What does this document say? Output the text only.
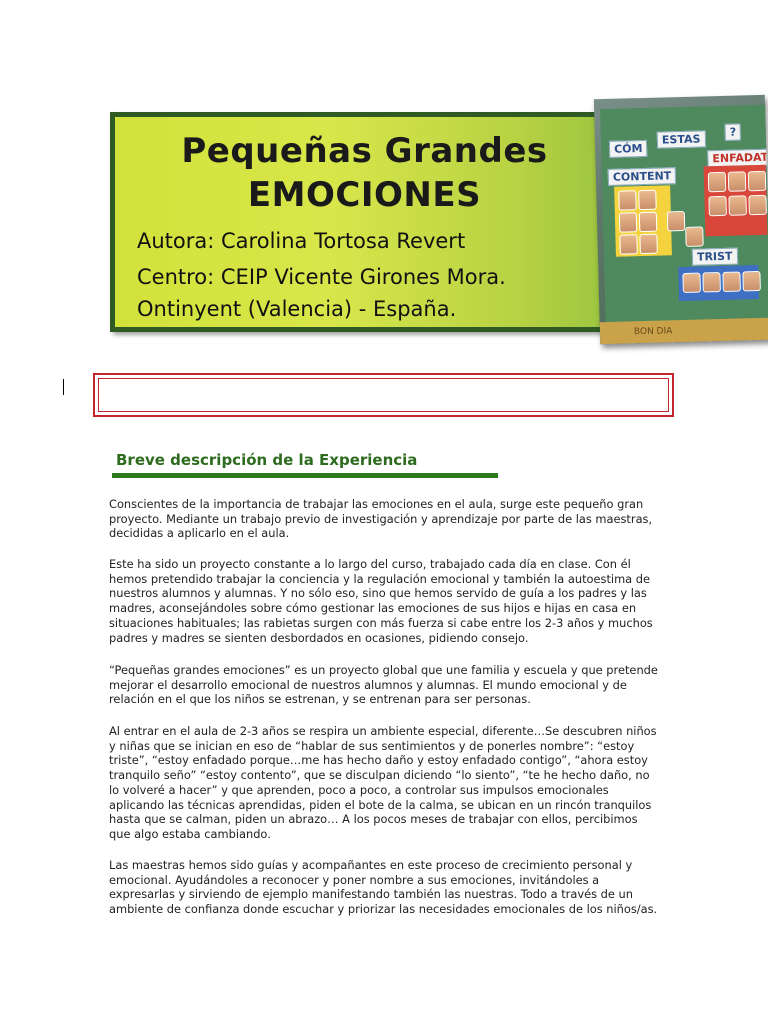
Pequeñas Grandes
EMOCIONES
Autora: Carolina Tortosa Revert
Centro: CEIP Vicente Girones Mora.
Ontinyent (Valencia) - España.
CÓM
ESTAS
?
CONTENT
ENFADAT
TRIST
BON DIA
Breve descripción de la Experiencia
Conscientes de la importancia de trabajar las emociones en el aula, surge este pequeño gran proyecto. Mediante un trabajo previo de investigación y aprendizaje por parte de las maestras, decididas a aplicarlo en el aula.
Este ha sido un proyecto constante a lo largo del curso, trabajado cada día en clase. Con él hemos pretendido trabajar la conciencia y la regulación emocional y también la autoestima de nuestros alumnos y alumnas. Y no sólo eso, sino que hemos servido de guía a los padres y las madres, aconsejándoles sobre cómo gestionar las emociones de sus hijos e hijas en casa en situaciones habituales; las rabietas surgen con más fuerza si cabe entre los 2-3 años y muchos padres y madres se sienten desbordados en ocasiones, pidiendo consejo.
“Pequeñas grandes emociones” es un proyecto global que une familia y escuela y que pretende mejorar el desarrollo emocional de nuestros alumnos y alumnas. El mundo emocional y de relación en el que los niños se estrenan, y se entrenan para ser personas.
Al entrar en el aula de 2-3 años se respira un ambiente especial, diferente…Se descubren niños y niñas que se inician en eso de “hablar de sus sentimientos y de ponerles nombre”: “estoy triste”, “estoy enfadado porque…me has hecho daño y estoy enfadado contigo”, “ahora estoy tranquilo seño” “estoy contento”, que se disculpan diciendo “lo siento”, “te he hecho daño, no lo volveré a hacer” y que aprenden, poco a poco, a controlar sus impulsos emocionales aplicando las técnicas aprendidas, piden el bote de la calma, se ubican en un rincón tranquilos hasta que se calman, piden un abrazo… A los pocos meses de trabajar con ellos, percibimos que algo estaba cambiando.
Las maestras hemos sido guías y acompañantes en este proceso de crecimiento personal y emocional. Ayudándoles a reconocer y poner nombre a sus emociones, invitándoles a expresarlas y sirviendo de ejemplo manifestando también las nuestras. Todo a través de un ambiente de confianza donde escuchar y priorizar las necesidades emocionales de los niños/as.
